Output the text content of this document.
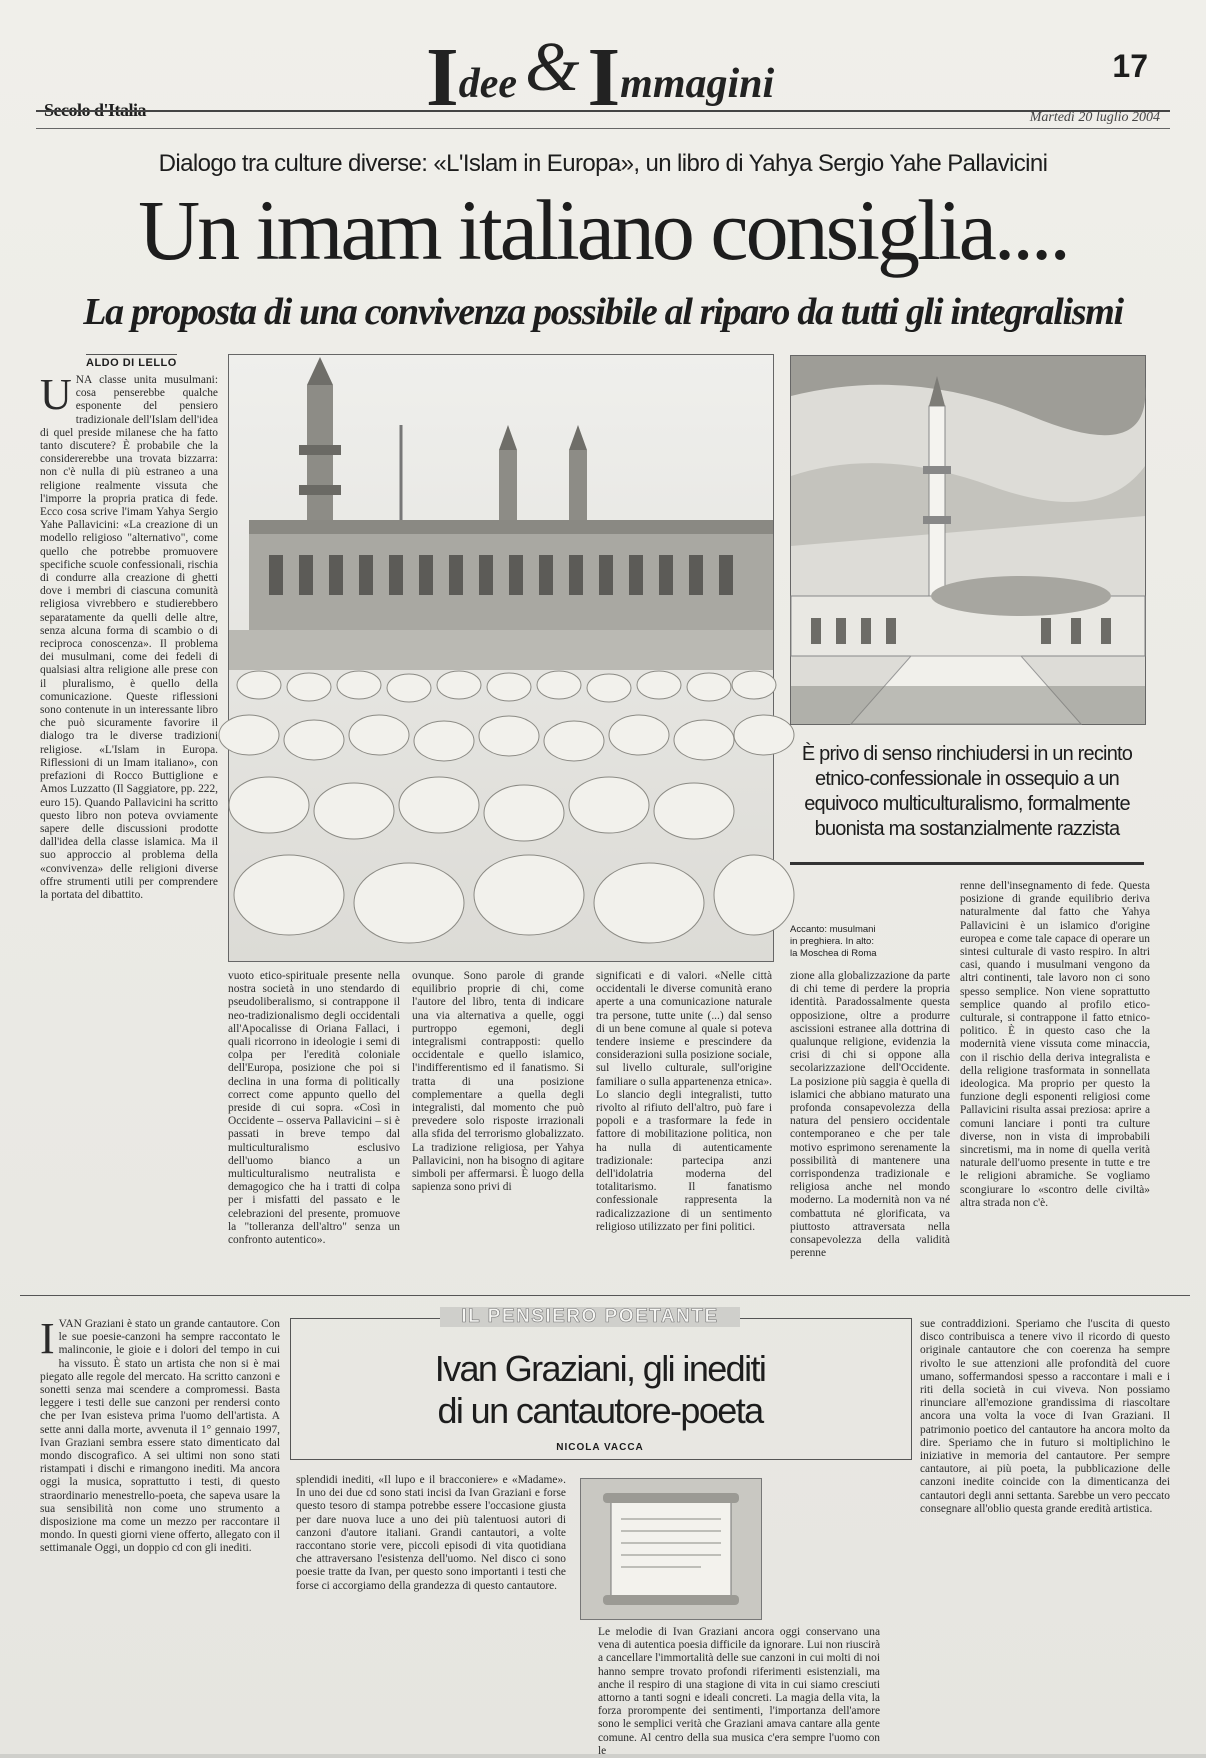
I dee & I mmagini	17
Secolo d'Italia	Martedì 20 luglio 2004
Dialogo tra culture diverse: «L'Islam in Europa», un libro di Yahya Sergio Yahe Pallavicini
Un imam italiano consiglia....
La proposta di una convivenza possibile al riparo da tutti gli integralismi
ALDO DI LELLO
UNA classe unita musulmani: cosa penserebbe qualche esponente del pensiero tradizionale dell'Islam dell'idea di quel preside milanese che ha fatto tanto discutere? È probabile che la considererebbe una trovata bizzarra: non c'è nulla di più estraneo a una religione realmente vissuta che l'imporre la propria pratica di fede. Ecco cosa scrive l'imam Yahya Sergio Yahe Pallavicini: «La creazione di un modello religioso "alternativo", come quello che potrebbe promuovere specifiche scuole confessionali, rischia di condurre alla creazione di ghetti dove i membri di ciascuna comunità religiosa vivrebbero e studierebbero separatamente da quelli delle altre, senza alcuna forma di scambio o di reciproca conoscenza». Il problema dei musulmani, come dei fedeli di qualsiasi altra religione alle prese con il pluralismo, è quello della comunicazione. Queste riflessioni sono contenute in un interessante libro che può sicuramente favorire il dialogo tra le diverse tradizioni religiose. «L'Islam in Europa. Riflessioni di un Imam italiano», con prefazioni di Rocco Buttiglione e Amos Luzzatto (Il Saggiatore, pp. 222, euro 15). Quando Pallavicini ha scritto questo libro non poteva ovviamente sapere delle discussioni prodotte dall'idea della classe islamica. Ma il suo approccio al problema della «convivenza» delle religioni diverse offre strumenti utili per comprendere la portata del dibattito.
È privo di senso rinchiudersi in un recinto etnico-confessionale in ossequio a un equivoco multiculturalismo, formalmente buonista ma sostanzialmente razzista
Accanto: musulmani
in preghiera. In alto:
la Moschea di Roma
vuoto etico-spirituale presente nella nostra società in uno stendardo di pseudoliberalismo, si contrappone il neo-tradizionalismo degli occidentali all'Apocalisse di Oriana Fallaci, i quali ricorrono in ideologie i semi di colpa per l'eredità coloniale dell'Europa, posizione che poi si declina in una forma di politically correct come appunto quello del preside di cui sopra. «Così in Occidente – osserva Pallavicini – si è passati in breve tempo dal multiculturalismo esclusivo dell'uomo bianco a un multiculturalismo neutralista e demagogico che ha i tratti di colpa per i misfatti del passato e le celebrazioni del presente, promuove la "tolleranza dell'altro" senza un confronto autentico».
ovunque. Sono parole di grande equilibrio proprie di chi, come l'autore del libro, tenta di indicare una via alternativa a quelle, oggi purtroppo egemoni, degli integralismi contrapposti: quello occidentale e quello islamico, l'indifferentismo ed il fanatismo. Si tratta di una posizione complementare a quella degli integralisti, dal momento che può prevedere solo risposte irrazionali alla sfida del terrorismo globalizzato. La tradizione religiosa, per Yahya Pallavicini, non ha bisogno di agitare simboli per affermarsi. È luogo della sapienza sono privi di
significati e di valori. «Nelle città occidentali le diverse comunità erano aperte a una comunicazione naturale tra persone, tutte unite (...) dal senso di un bene comune al quale si poteva tendere insieme e prescindere da considerazioni sulla posizione sociale, sul livello culturale, sull'origine familiare o sulla appartenenza etnica». Lo slancio degli integralisti, tutto rivolto al rifiuto dell'altro, può fare i popoli e a trasformare la fede in fattore di mobilitazione politica, non ha nulla di autenticamente tradizionale: partecipa anzi dell'idolatria moderna del totalitarismo. Il fanatismo confessionale rappresenta la radicalizzazione di un sentimento religioso utilizzato per fini politici.
zione alla globalizzazione da parte di chi teme di perdere la propria identità. Paradossalmente questa opposizione, oltre a produrre ascissioni estranee alla dottrina di qualunque religione, evidenzia la crisi di chi si oppone alla secolarizzazione dell'Occidente. La posizione più saggia è quella di islamici che abbiano maturato una profonda consapevolezza della natura del pensiero occidentale contemporaneo e che per tale motivo esprimono serenamente la possibilità di mantenere una corrispondenza tradizionale e religiosa anche nel mondo moderno. La modernità non va né combattuta né glorificata, va piuttosto attraversata nella consapevolezza della validità perenne
renne dell'insegnamento di fede. Questa posizione di grande equilibrio deriva naturalmente dal fatto che Yahya Pallavicini è un islamico d'origine europea e come tale capace di operare un sintesi culturale di vasto respiro. In altri casi, quando i musulmani vengono da altri continenti, tale lavoro non ci sono spesso semplice. Non viene soprattutto semplice quando al profilo etico-culturale, si contrappone il fatto etnico-politico. È in questo caso che la modernità viene vissuta come minaccia, con il rischio della deriva integralista e della religione trasformata in sonnellata ideologica. Ma proprio per questo la funzione degli esponenti religiosi come Pallavicini risulta assai preziosa: aprire a comuni lanciare i ponti tra culture diverse, non in vista di improbabili sincretismi, ma in nome di quella verità naturale dell'uomo presente in tutte e tre le religioni abramiche. Se vogliamo scongiurare lo «scontro delle civiltà» altra strada non c'è.
IL PENSIERO POETANTE
Ivan Graziani, gli inediti
di un cantautore-poeta
NICOLA VACCA
IVAN Graziani è stato un grande cantautore. Con le sue poesie-canzoni ha sempre raccontato le malinconie, le gioie e i dolori del tempo in cui ha vissuto. È stato un artista che non si è mai piegato alle regole del mercato. Ha scritto canzoni e sonetti senza mai scendere a compromessi. Basta leggere i testi delle sue canzoni per rendersi conto che per Ivan esisteva prima l'uomo dell'artista. A sette anni dalla morte, avvenuta il 1° gennaio 1997, Ivan Graziani sembra essere stato dimenticato dal mondo discografico. A sei ultimi non sono stati ristampati i dischi e rimangono inediti. Ma ancora oggi la musica, soprattutto i testi, di questo straordinario menestrello-poeta, che sapeva usare la sua sensibilità non come uno strumento a disposizione ma come un mezzo per raccontare il mondo. In questi giorni viene offerto, allegato con il settimanale Oggi, un doppio cd con gli inediti.
splendidi inediti, «Il lupo e il bracconiere» e «Madame». In uno dei due cd sono stati incisi da Ivan Graziani e forse questo tesoro di stampa potrebbe essere l'occasione giusta per dare nuova luce a uno dei più talentuosi autori di canzoni d'autore italiani. Grandi cantautori, a volte raccontano storie vere, piccoli episodi di vita quotidiana che attraversano l'esistenza dell'uomo. Nel disco ci sono poesie tratte da Ivan, per questo sono importanti i testi che forse ci accorgiamo della grandezza di questo cantautore.
Le melodie di Ivan Graziani ancora oggi conservano una vena di autentica poesia difficile da ignorare. Lui non riuscirà a cancellare l'immortalità delle sue canzoni in cui molti di noi hanno sempre trovato profondi riferimenti esistenziali, ma anche il respiro di una stagione di vita in cui siamo cresciuti attorno a tanti sogni e ideali concreti. La magia della vita, la forza prorompente dei sentimenti, l'importanza dell'amore sono le semplici verità che Graziani amava cantare alla gente comune. Al centro della sua musica c'era sempre l'uomo con le
sue contraddizioni. Speriamo che l'uscita di questo disco contribuisca a tenere vivo il ricordo di questo originale cantautore che con coerenza ha sempre rivolto le sue attenzioni alle profondità del cuore umano, soffermandosi spesso a raccontare i mali e i riti della società in cui viveva. Non possiamo rinunciare all'emozione grandissima di riascoltare ancora una volta la voce di Ivan Graziani. Il patrimonio poetico del cantautore ha ancora molto da dire. Speriamo che in futuro si moltiplichino le iniziative in memoria del cantautore. Per sempre cantautore, ai più poeta, la pubblicazione delle canzoni inedite coincide con la dimenticanza dei cantautori degli anni settanta. Sarebbe un vero peccato consegnare all'oblio questa grande eredità artistica.
